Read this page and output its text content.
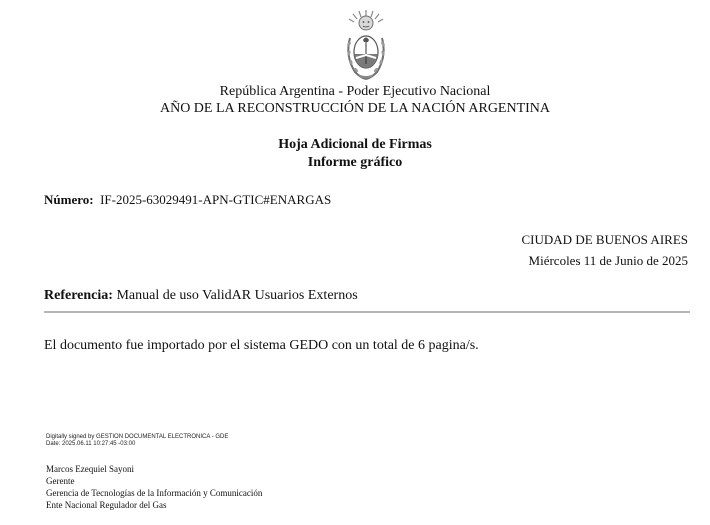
República Argentina - Poder Ejecutivo Nacional
AÑO DE LA RECONSTRUCCIÓN DE LA NACIÓN ARGENTINA
Hoja Adicional de Firmas
Informe gráfico
Número: IF-2025-63029491-APN-GTIC#ENARGAS
CIUDAD DE BUENOS AIRES
Miércoles 11 de Junio de 2025
Referencia: Manual de uso ValidAR Usuarios Externos
El documento fue importado por el sistema GEDO con un total de 6 pagina/s.
Digitally signed by GESTION DOCUMENTAL ELECTRONICA - GDE
Date: 2025.06.11 10:27:45 -03:00
Marcos Ezequiel Sayoni
Gerente
Gerencia de Tecnologías de la Información y Comunicación
Ente Nacional Regulador del Gas
